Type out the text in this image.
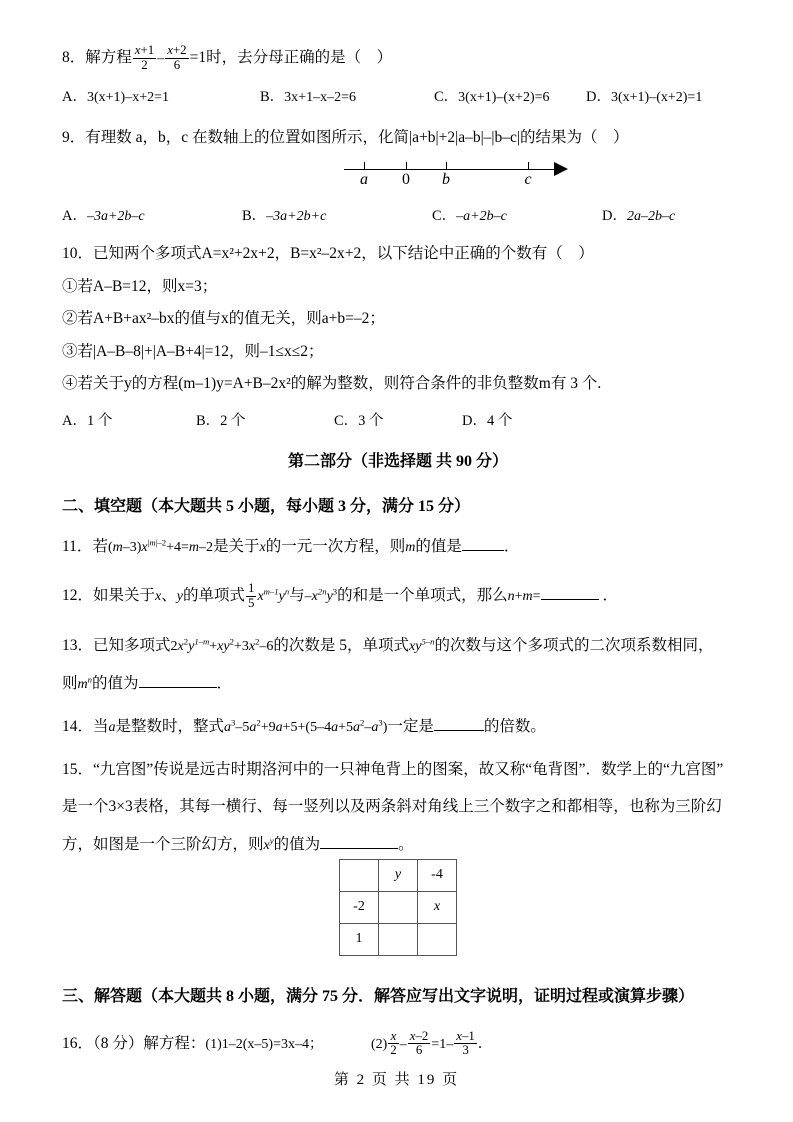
8．解方程 $\frac{x+1}{2} - \frac{x+2}{6} =1$时，去分母正确的是（　）
A．3(x+1)–x+2=1	B．3x+1–x–2=6	C．3(x+1)–(x+2)=6	D．3(x+1)–(x+2)=1
9．有理数 a，b，c 在数轴上的位置如图所示，化简|a+b|+2|a–b|–|b–c|的结果为（　）
a 0 b	c
A．–3a+2b–c	B．–3a+2b+c	C．–a+2b–c	D．2a–2b–c
10．已知两个多项式A=x²+2x+2，B=x²–2x+2，以下结论中正确的个数有（　）
①若A–B=12，则x=3；
②若A+B+ax²–bx的值与x的值无关，则a+b=–2；
③若|A–B–8|+|A–B+4|=12，则–1≤x≤2；
④若关于y的方程(m–1)y=A+B–2x²的解为整数，则符合条件的非负整数m有 3 个.
A．1 个	B．2 个	C．3 个	D．4 个
第二部分（非选择题 共 90 分）
二、填空题（本大题共 5 小题，每小题 3 分，满分 15 分）
11．若$(m-3)x^{|m|-2}+4=m-2$是关于x的一元一次方程，则m的值是	．
12．如果关于x、y的单项式 $\frac{1}{5} x^{m-1}y^n$与$-x^{2n}y^3$的和是一个单项式，那么n+m=	．
13．已知多项式$2x^2y^{1-m}+xy^2+3x^2-6$的次数是 5，单项式$xy^{5-n}$的次数与这个多项式的二次项系数相同，
则$m^n$的值为	．
14．当a是整数时，整式$a^3-5a^2+9a+5+(5-4a+5a^2-a^3)$一定是	的倍数。
15．“九宫图”传说是远古时期洛河中的一只神龟背上的图案，故又称“龟背图”．数学上的“九宫图”
是一个3×3表格，其每一横行、每一竖列以及两条斜对角线上三个数字之和都相等，也称为三阶幻
方，如图是一个三阶幻方，则$x^y$的值为	。
	y	-4
-2		x
1		
三、解答题（本大题共 8 小题，满分 75 分．解答应写出文字说明，证明过程或演算步骤）
16．（8 分）解方程：(1)1–2(x–5)=3x–4；	$(2) \frac{x}{2} - \frac{x-2}{6} =1- \frac{x-1}{3}$ ．
第 2 页 共 19 页
